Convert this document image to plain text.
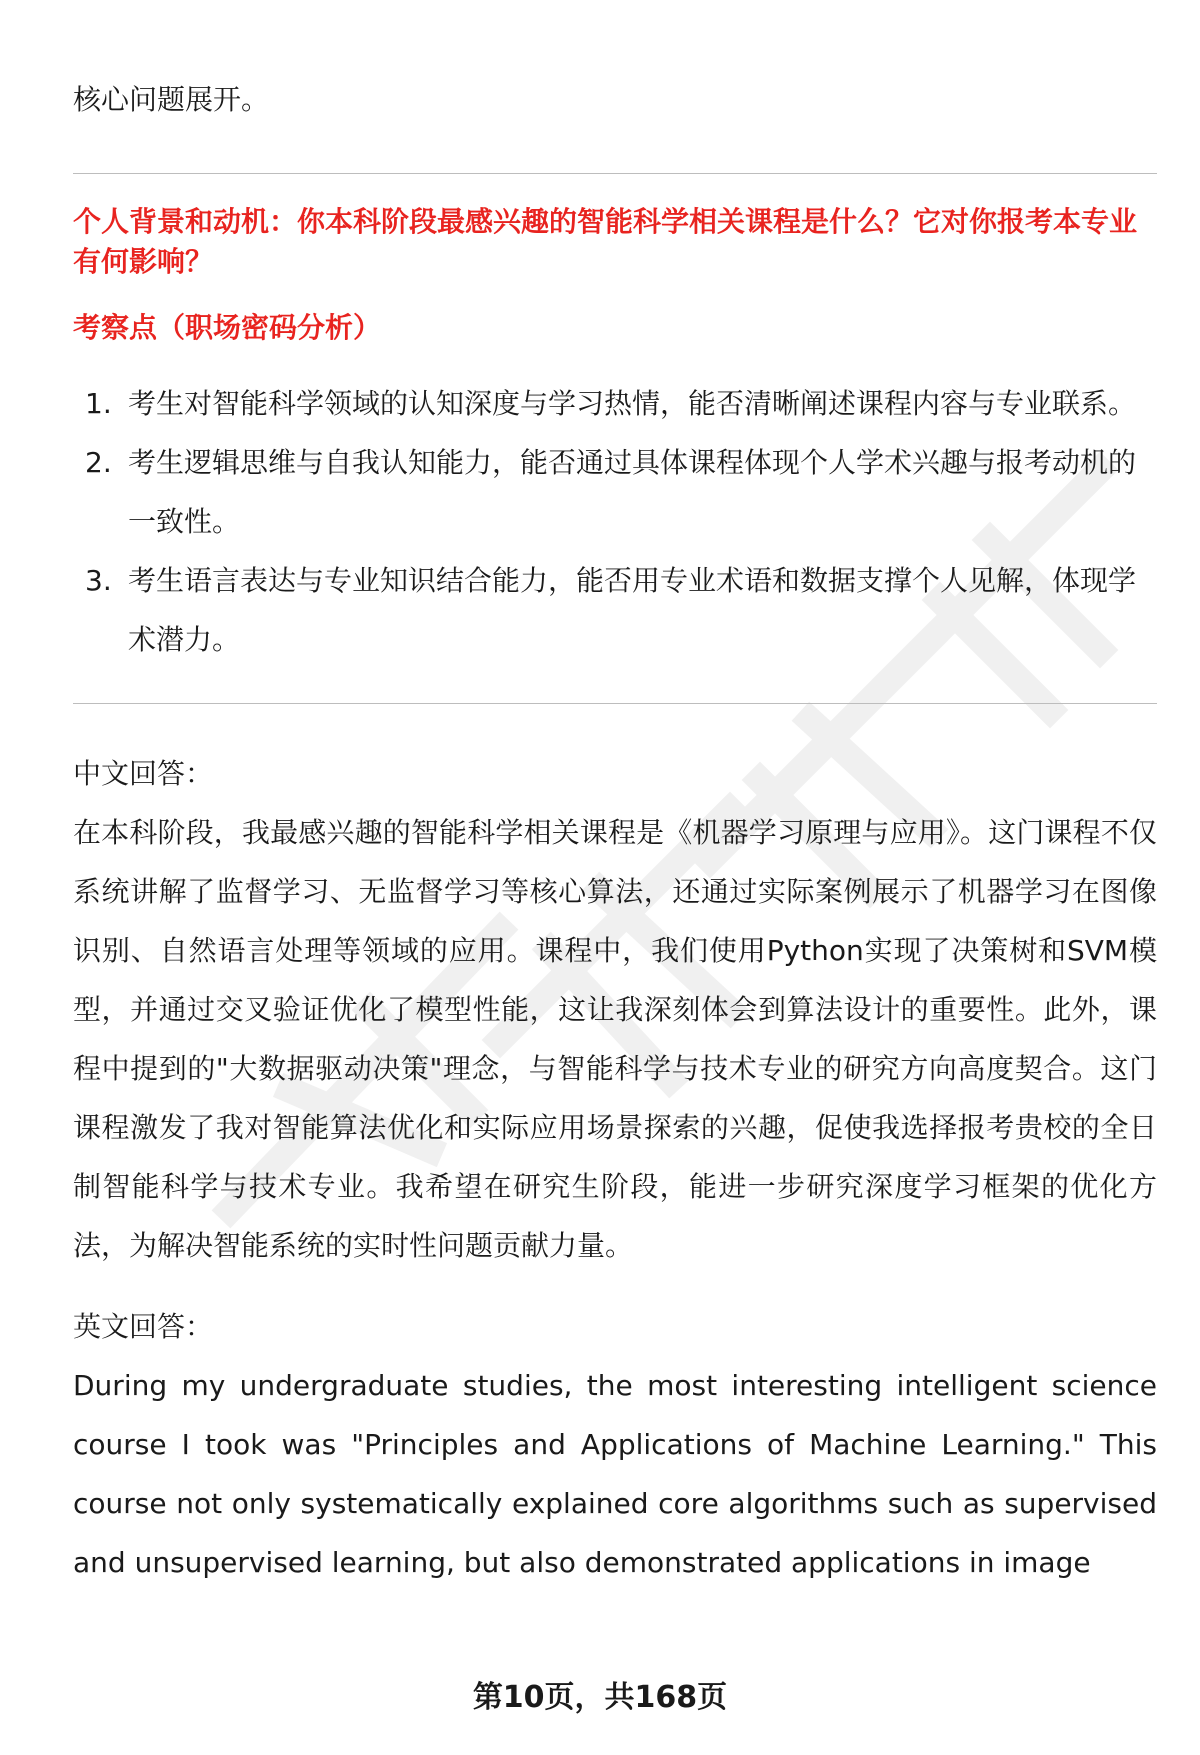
核心问题展开。

个人背景和动机：你本科阶段最感兴趣的智能科学相关课程是什么？它对你报考本专业有何影响？

考察点（职场密码分析）

1. 考生对智能科学领域的认知深度与学习热情，能否清晰阐述课程内容与专业联系。
2. 考生逻辑思维与自我认知能力，能否通过具体课程体现个人学术兴趣与报考动机的一致性。
3. 考生语言表达与专业知识结合能力，能否用专业术语和数据支撑个人见解，体现学术潜力。

中文回答：

在本科阶段，我最感兴趣的智能科学相关课程是《机器学习原理与应用》。这门课程不仅系统讲解了监督学习、无监督学习等核心算法，还通过实际案例展示了机器学习在图像识别、自然语言处理等领域的应用。课程中，我们使用Python实现了决策树和SVM模型，并通过交叉验证优化了模型性能，这让我深刻体会到算法设计的重要性。此外，课程中提到的"大数据驱动决策"理念，与智能科学与技术专业的研究方向高度契合。这门课程激发了我对智能算法优化和实际应用场景探索的兴趣，促使我选择报考贵校的全日制智能科学与技术专业。我希望在研究生阶段，能进一步研究深度学习框架的优化方法，为解决智能系统的实时性问题贡献力量。

英文回答：

During my undergraduate studies, the most interesting intelligent science course I took was "Principles and Applications of Machine Learning." This course not only systematically explained core algorithms such as supervised and unsupervised learning, but also demonstrated applications in image

第10页，共168页
